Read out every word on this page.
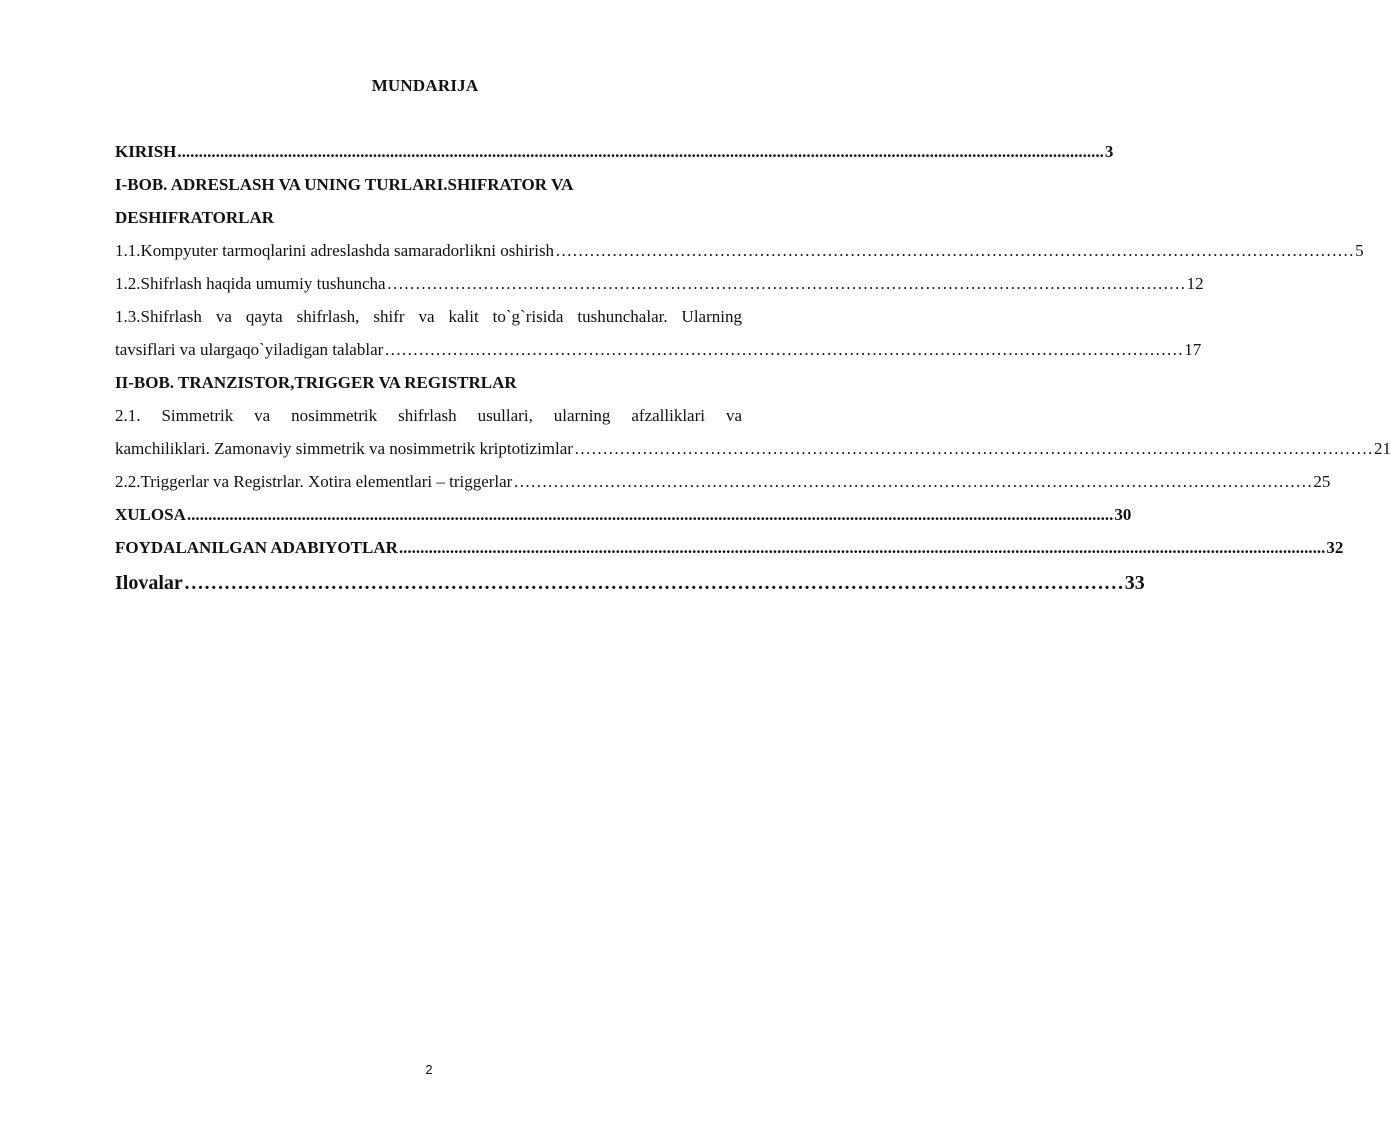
MUNDARIJA
KIRISH .......................................................................................................................................................................................................................... 3
I-BOB. ADRESLASH VA UNING TURLARI.SHIFRATOR VA
DESHIFRATORLAR
1.1.Kompyuter tarmoqlarini adreslashda samaradorlikni oshirish …………………………………………………………………………………………………………………………… 5
1.2.Shifrlash haqida umumiy tushuncha …………………………………………………………………………………………………………………………… 12
1.3.Shifrlash va qayta shifrlash, shifr va kalit to`g`risida tushunchalar. Ularning
tavsiflari va ulargaqo`yiladigan talablar …………………………………………………………………………………………………………………………… 17
II-BOB. TRANZISTOR,TRIGGER VA REGISTRLAR
2.1. Simmetrik va nosimmetrik shifrlash usullari, ularning afzalliklari va
kamchiliklari. Zamonaviy simmetrik va nosimmetrik kriptotizimlar …………………………………………………………………………………………………………………………… 21
2.2.Triggerlar va Registrlar. Xotira elementlari – triggerlar …………………………………………………………………………………………………………………………… 25
XULOSA .......................................................................................................................................................................................................................... 30
FOYDALANILGAN ADABIYOTLAR .......................................................................................................................................................................................................................... 32
Ilovalar …………………………………………………………………………………………………………………………… 33
2
